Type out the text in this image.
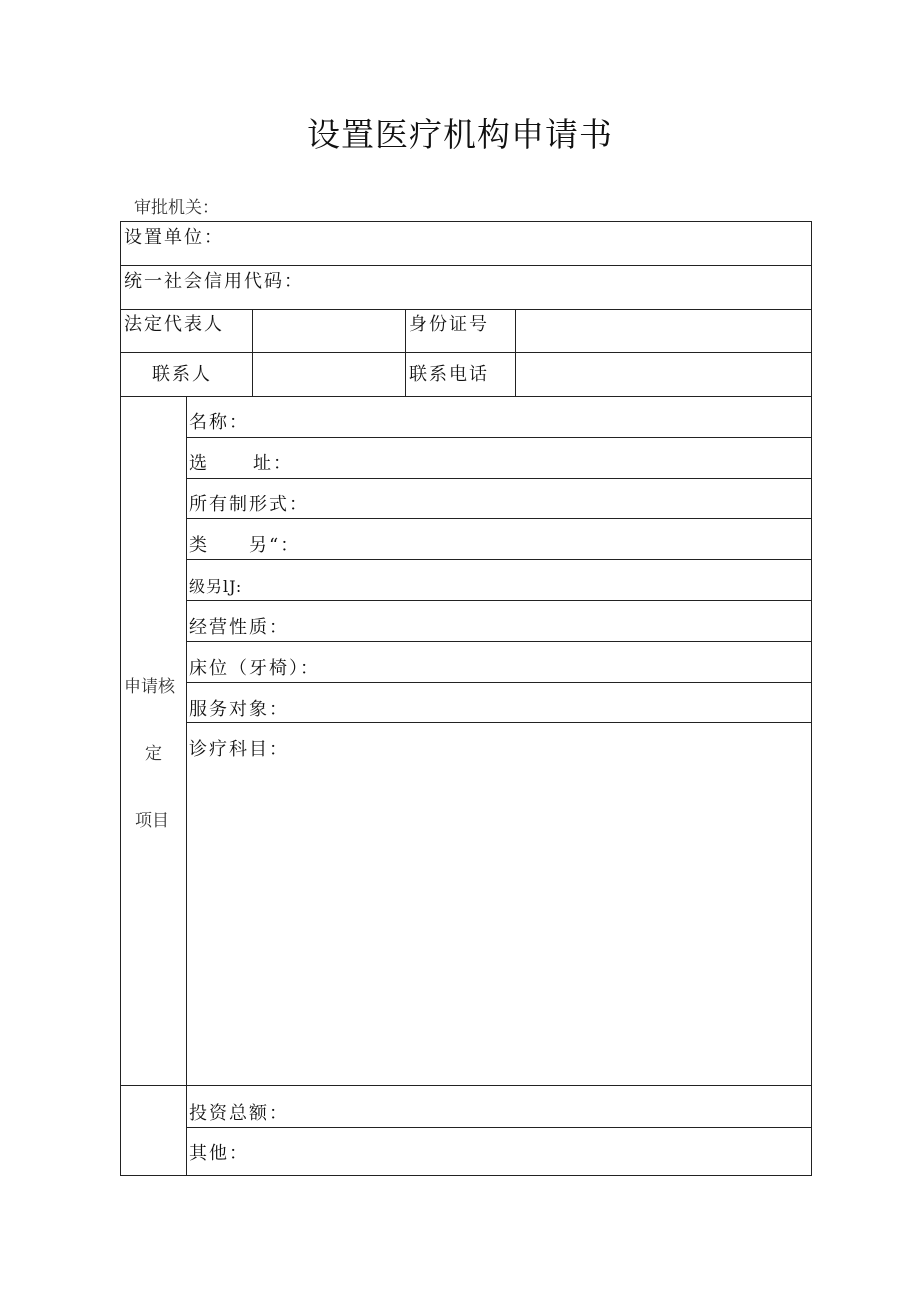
设置医疗机构申请书
审批机关：
设置单位：
统一社会信用代码：
法定代表人	身份证号
联系人	联系电话
申请核
定
项目
名称：
选 址：
所有制形式：
类 另“：
级另lJ:
经营性质：
床位（牙椅）：
服务对象：
诊疗科目：
投资总额：
其他：
